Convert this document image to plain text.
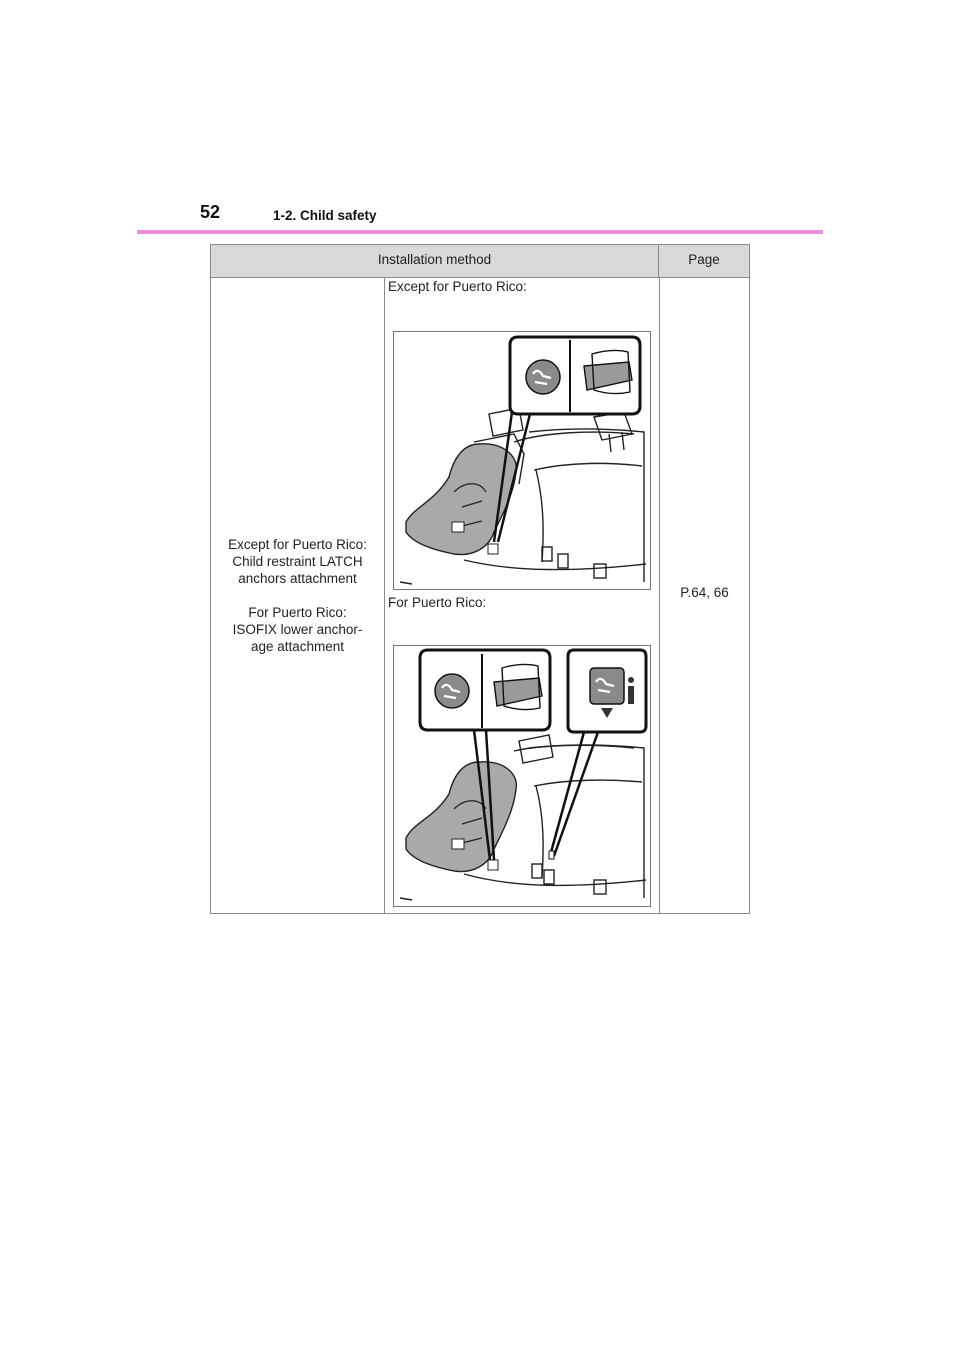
52	1-2. Child safety
Installation method	Page
Except for Puerto Rico:
Child restraint LATCH
anchors attachment
For Puerto Rico:
ISOFIX lower anchor-
age attachment
Except for Puerto Rico:
For Puerto Rico:
P.64, 66
